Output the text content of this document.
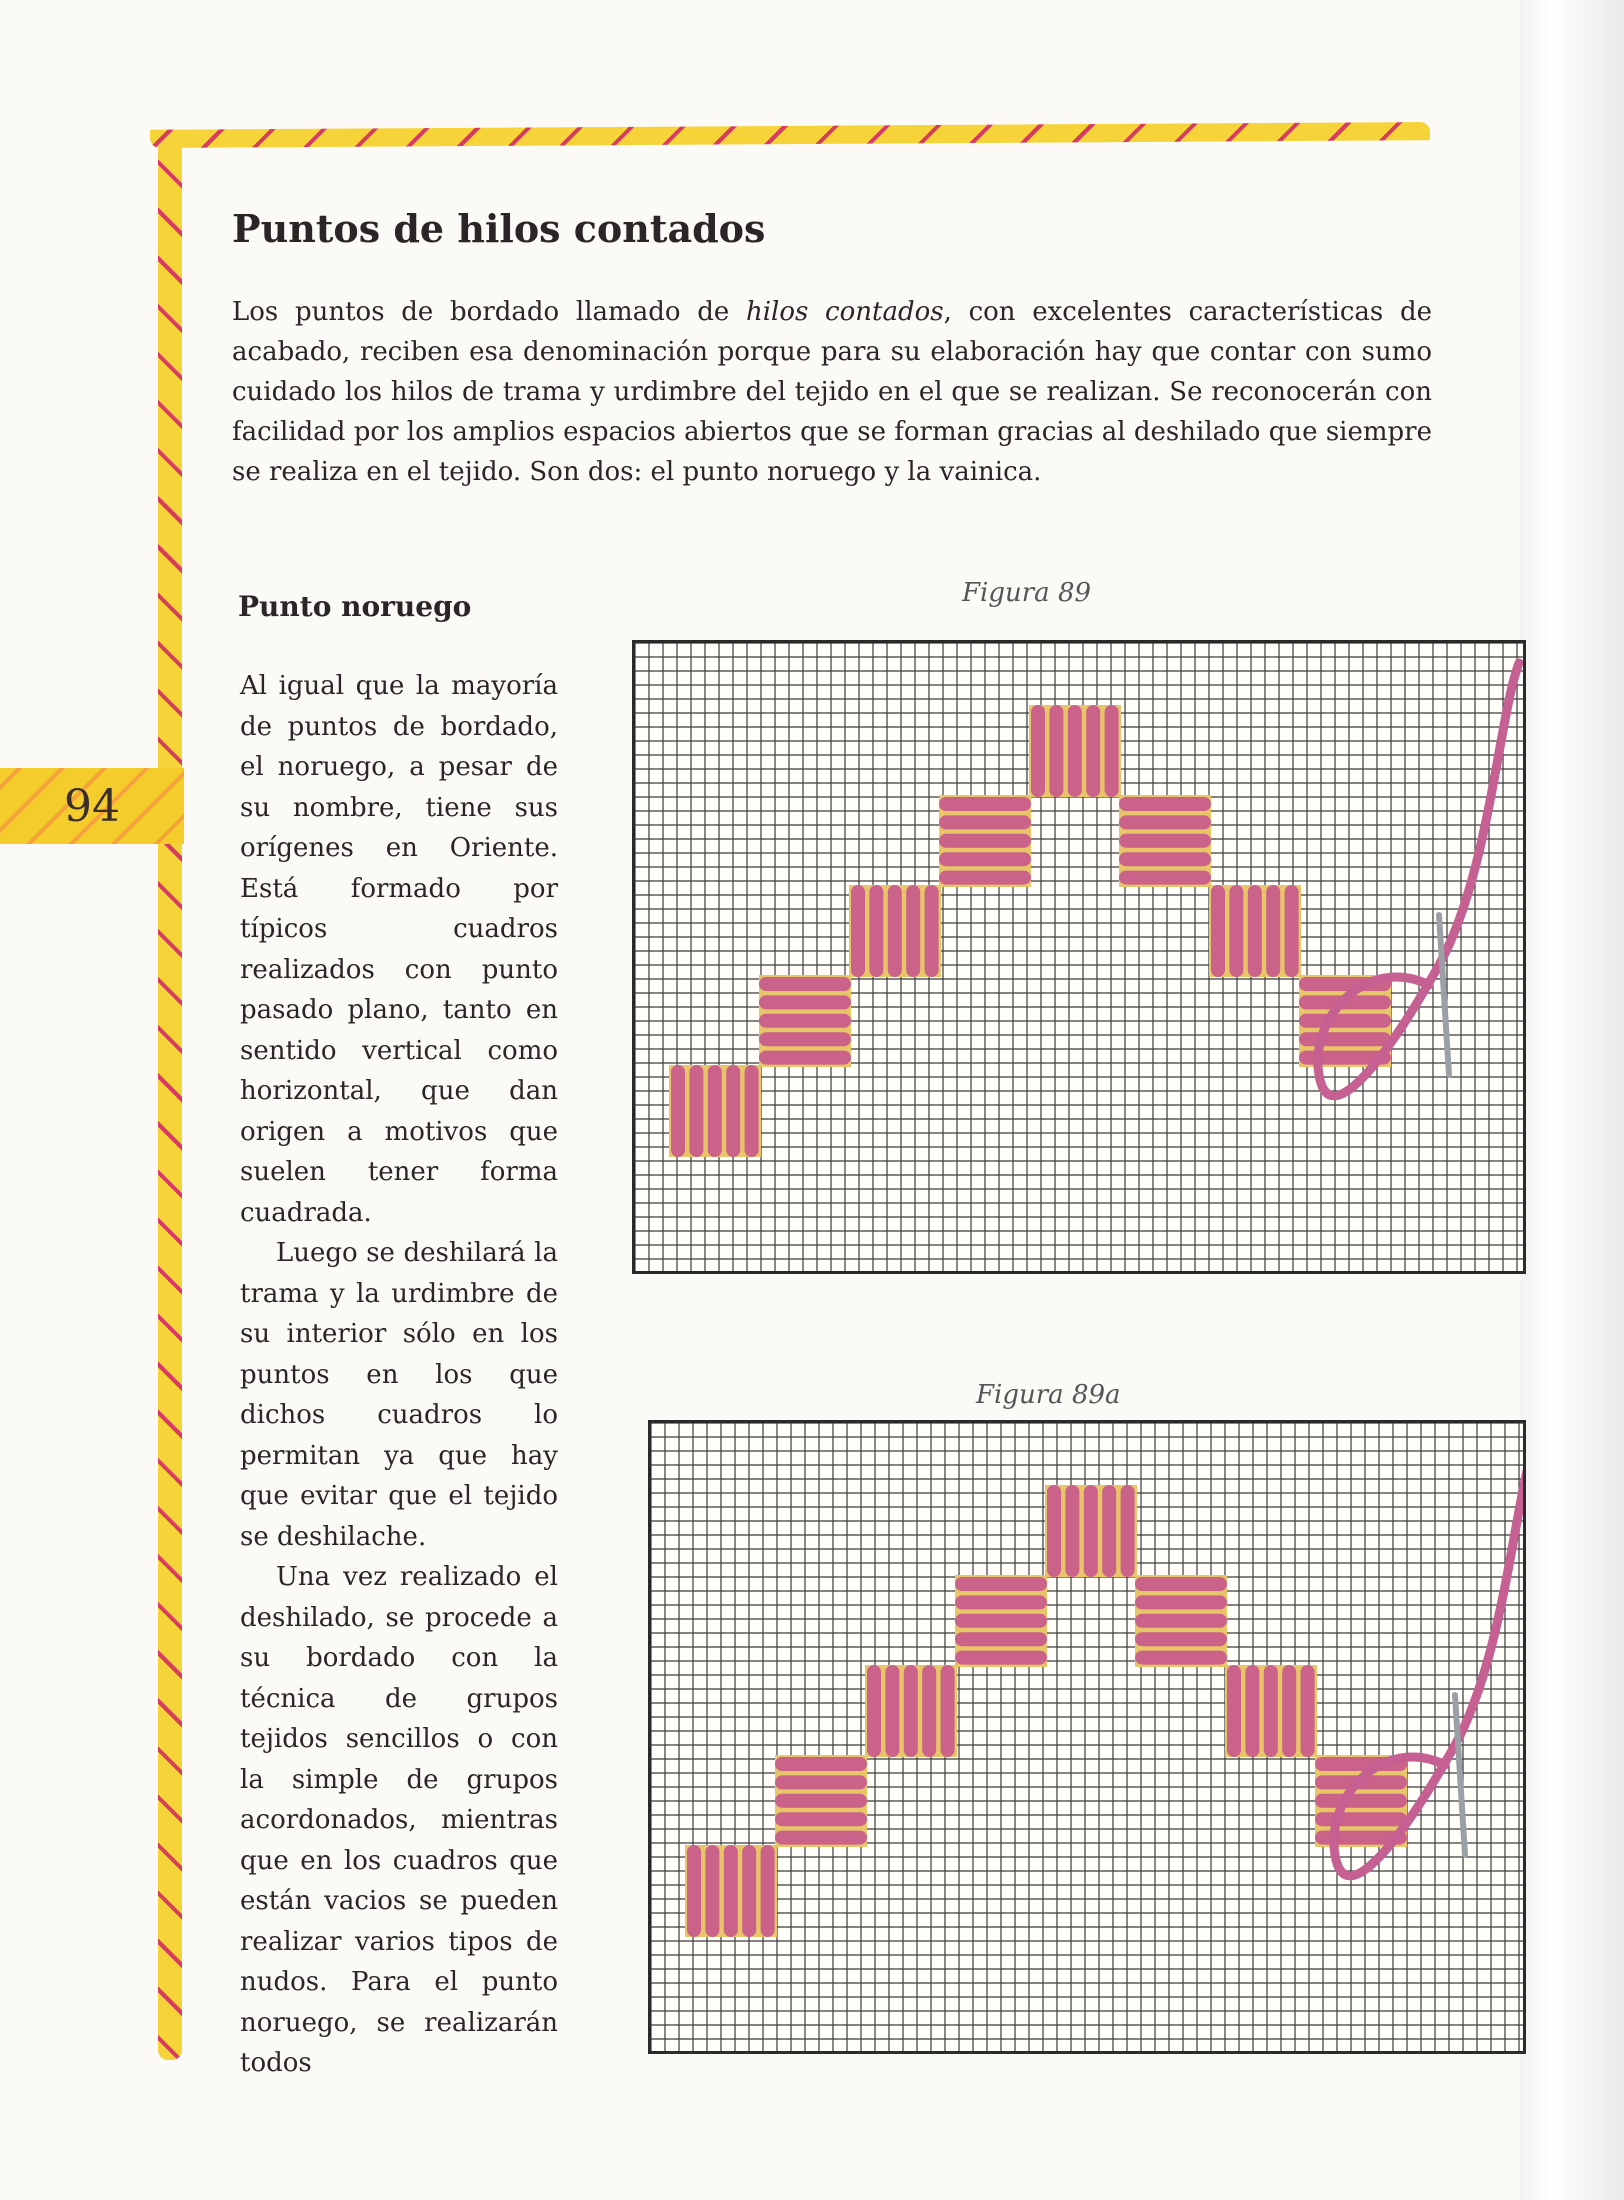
94
Puntos de hilos contados

Los puntos de bordado llamado de hilos contados, con excelentes características de acabado, reciben esa denominación porque para su elaboración hay que contar con sumo cuidado los hilos de trama y urdimbre del tejido en el que se realizan. Se reconocerán con facilidad por los amplios espacios abiertos que se forman gracias al deshilado que siempre se realiza en el tejido. Son dos: el punto noruego y la vainica.

Punto noruego

Al igual que la mayoría de puntos de bordado, el noruego, a pesar de su nombre, tiene sus orígenes en Oriente. Está formado por típicos cuadros realizados con punto pasado plano, tanto en sentido vertical como horizontal, que dan origen a motivos que suelen tener forma cuadrada.

Luego se deshilará la trama y la urdimbre de su interior sólo en los puntos en los que dichos cuadros lo permitan ya que hay que evitar que el tejido se deshilache.

Una vez realizado el deshilado, se procede a su bordado con la técnica de grupos tejidos sencillos o con la simple de grupos acordonados, mientras que en los cuadros que están vacios se pueden realizar varios tipos de nudos. Para el punto noruego, se realizarán todos

Figura 89
Figura 89a
